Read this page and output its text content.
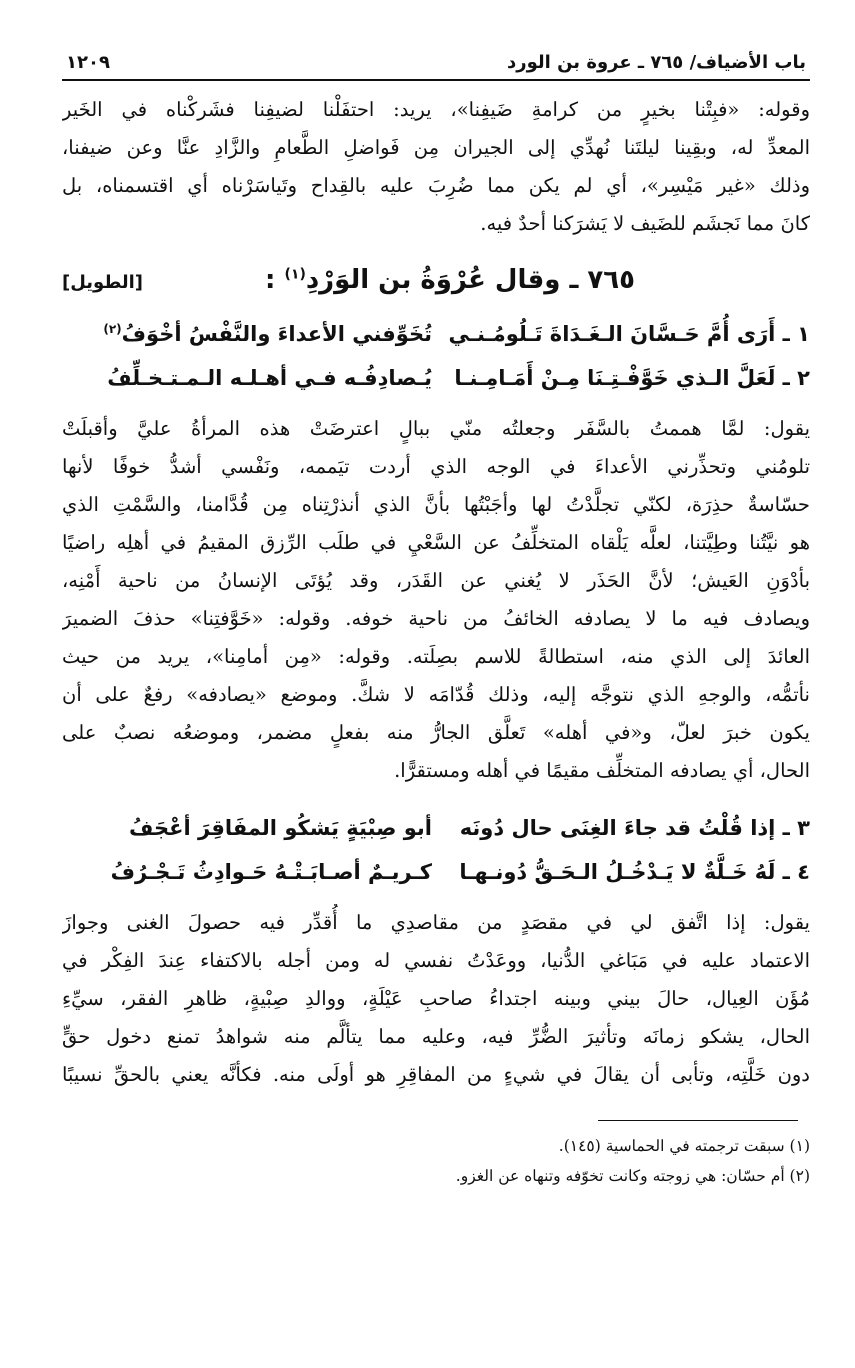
باب الأضياف/ ٧٦٥ ـ عروة بن الورد
١٢٠٩
وقوله: «فبِتْنا بخيرٍ من كرامةِ ضَيفِنا»، يريد: احتفَلْنا لضيفِنا فشَركْناه في الخَير
المعدِّ له، وبقِينا ليلتَنا نُهدِّي إلى الجيران مِن فَواضلِ الطَّعامِ والزَّادِ عنَّا وعن ضيفنا،
وذلك «غير مَيْسِر»، أي لم يكن مما ضُرِبَ عليه بالقِداح وتَياسَرْناه أي اقتسمناه، بل
كانَ مما نَجشَم للضَيف لا يَشرَكنا أحدٌ فيه.
٧٦٥ ـ وقال عُرْوَةُ بن الوَرْدِ$^{(١)}$ :
[الطويل]
١ ـ أَرَى أُمَّ حَـسَّانَ الـغَـدَاةَ تَـلُومُـنـي
تُخَوِّفني الأعداءَ والنَّفْسُ أخْوَفُ$^{(٢)}$
٢ ـ لَعَلَّ الـذي خَوَّفْـتِـنَا مِـنْ أَمَـامِـنـا
يُـصادِفُـه فـي أهـلـه الـمـتـخـلِّفُ
يقول: لمَّا هممتُ بالسَّفَر وجعلتُه منّي ببالٍ اعترضَتْ هذه المرأةُ عليَّ وأقبلَتْ
تلومُني وتحذِّرني الأعداءَ في الوجه الذي أردت تيَممه، ونَفْسي أشدُّ خوفًا لأنها
حسّاسةٌ حذِرَة، لكنّي تجلَّدْتُ لها وأجَبْتُها بأنَّ الذي أنذرْتِناه مِن قُدَّامنا، والسَّمْتِ الذي
هو نيَّتُنا وطِيَّتنا، لعلَّه يَلْقاه المتخلِّفُ عن السَّعْيِ في طلَب الرِّزق المقيمُ في أهلِه راضيًا
بأدْوَنِ العَيش؛ لأنَّ الحَذَر لا يُغني عن القَدَر، وقد يُؤتَى الإنسانُ من ناحية أَمْنِه،
ويصادف فيه ما لا يصادفه الخائفُ من ناحية خوفه. وقوله: «خَوَّفتِنا» حذفَ الضميرَ
العائدَ إلى الذي منه، استطالةً للاسم بصِلَته. وقوله: «مِن أمامِنا»، يريد من حيث
نأتمُّه، والوجهِ الذي نتوجَّه إليه، وذلك قُدّامَه لا شكَّ. وموضع «يصادفه» رفعٌ على أن
يكون خبرَ لعلّ، و«في أهله» تَعلَّق الجارُّ منه بفعلٍ مضمر، وموضعُه نصبٌ على
الحال، أي يصادفه المتخلِّف مقيمًا في أهله ومستقرًّا.
٣ ـ إذا قُلْتُ قد جاءَ الغِنَى حال دُونَه
أبو صِبْيَةٍ يَشكُو المفَاقِرَ أعْجَفُ
٤ ـ لَهُ خَـلَّةٌ لا يَـدْخُـلُ الـحَـقُّ دُونـهـا
كـريـمٌ أصـابَـتْـهُ حَـوادِثُ تَـجْـرُفُ
يقول: إذا اتَّفق لي في مقصَدٍ من مقاصدِي ما أُقدِّر فيه حصولَ الغنى وجوازَ
الاعتماد عليه في مَبَاغي الدُّنيا، ووعَدْتُ نفسي له ومن أجله بالاكتفاء عِندَ الفِكْر في
مُؤَن العِيال، حالَ بيني وبينه اجتداءُ صاحبِ عَيْلَةٍ، ووالدِ صِبْيةٍ، ظاهرِ الفقر، سيِّءِ
الحال، يشكو زمانَه وتأثيرَ الضُّرِّ فيه، وعليه مما يتألَّم منه شواهدُ تمنع دخول حقٍّ
دون خَلَّتِه، وتأبى أن يقالَ في شيءٍ من المفاقِرِ هو أولَى منه. فكأنَّه يعني بالحقِّ نسيبًا

(١) سبقت ترجمته في الحماسية (١٤٥).

(٢) أم حسّان: هي زوجته وكانت تخوّفه وتنهاه عن الغزو.
